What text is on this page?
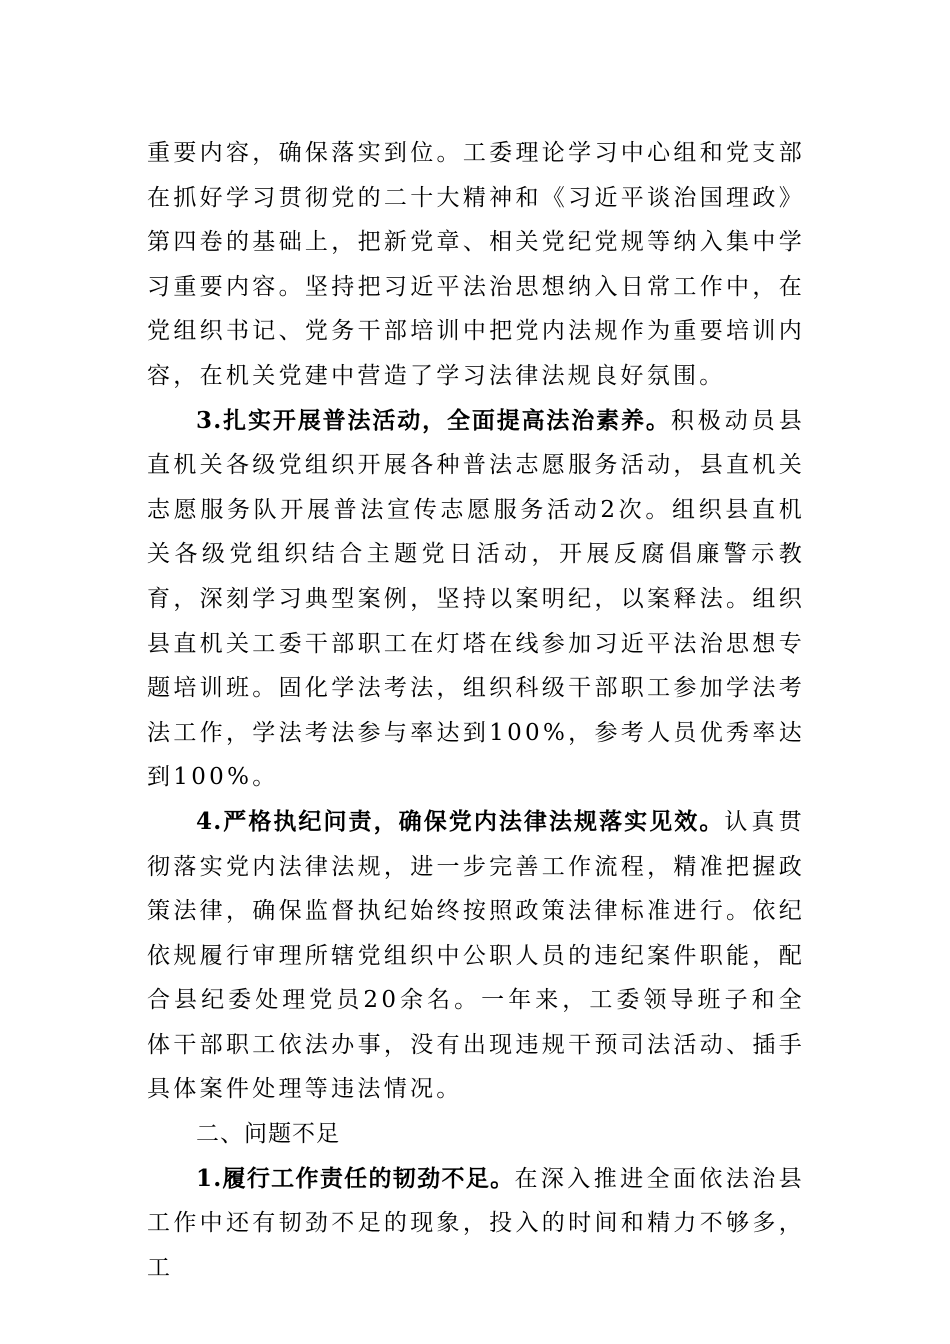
重要内容，确保落实到位。工委理论学习中心组和党支部在抓好学习贯彻党的二十大精神和《习近平谈治国理政》第四卷的基础上，把新党章、相关党纪党规等纳入集中学习重要内容。坚持把习近平法治思想纳入日常工作中，在党组织书记、党务干部培训中把党内法规作为重要培训内容，在机关党建中营造了学习法律法规良好氛围。

3.扎实开展普法活动，全面提高法治素养。积极动员县直机关各级党组织开展各种普法志愿服务活动，县直机关志愿服务队开展普法宣传志愿服务活动2次。组织县直机关各级党组织结合主题党日活动，开展反腐倡廉警示教育，深刻学习典型案例，坚持以案明纪，以案释法。组织县直机关工委干部职工在灯塔在线参加习近平法治思想专题培训班。固化学法考法，组织科级干部职工参加学法考法工作，学法考法参与率达到100%，参考人员优秀率达到100%。

4.严格执纪问责，确保党内法律法规落实见效。认真贯彻落实党内法律法规，进一步完善工作流程，精准把握政策法律，确保监督执纪始终按照政策法律标准进行。依纪依规履行审理所辖党组织中公职人员的违纪案件职能，配合县纪委处理党员20余名。一年来，工委领导班子和全体干部职工依法办事，没有出现违规干预司法活动、插手具体案件处理等违法情况。

二、问题不足

1.履行工作责任的韧劲不足。在深入推进全面依法治县工作中还有韧劲不足的现象，投入的时间和精力不够多，工
